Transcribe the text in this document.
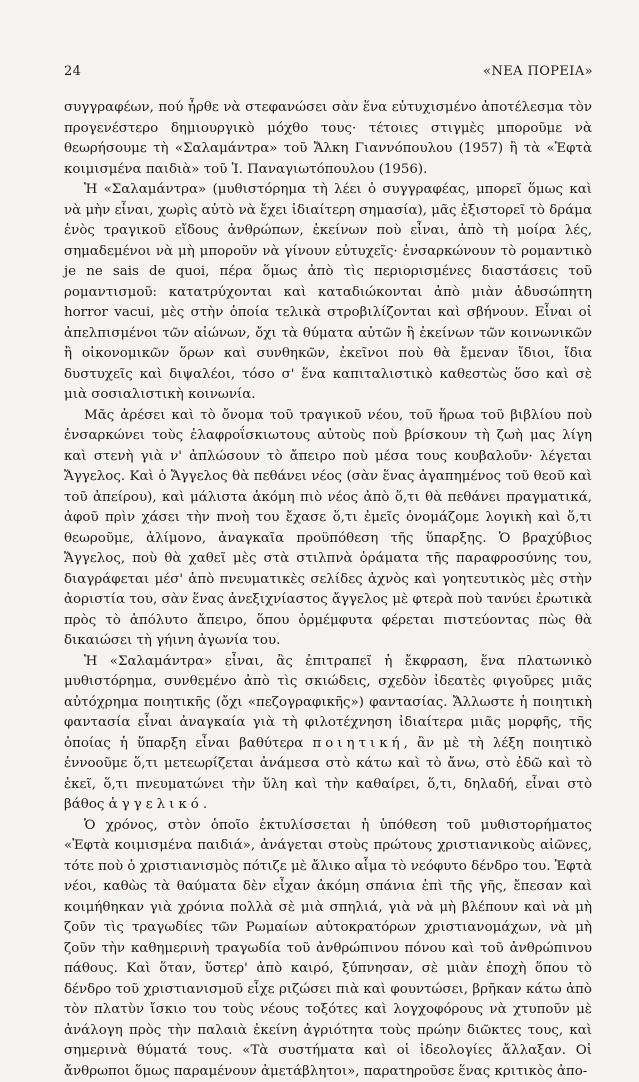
24	«ΝΕΑ ΠΟΡΕΙΑ»

συγγραφέων, πού ἦρθε νὰ στεφανώσει σὰν ἕνα εὐτυχισμένο ἀποτέλεσμα τὸν προγενέστερο δημιουργικὸ μόχθο τους· τέτοιες στιγμὲς μποροῦμε νὰ θεωρήσουμε τὴ «Σαλαμάντρα» τοῦ Ἄλκη Γιαννόπουλου (1957) ἢ τὰ «Ἐφτὰ κοιμισμένα παιδιὰ» τοῦ Ἰ. Παναγιωτόπουλου (1956).

Ἡ «Σαλαμάντρα» (μυθιστόρημα τὴ λέει ὁ συγγραφέας, μπορεῖ ὅμως καὶ νὰ μὴν εἶναι, χωρὶς αὐτὸ νὰ ἔχει ἰδιαίτερη σημασία), μᾶς ἐξιστορεῖ τὸ δράμα ἑνὸς τραγικοῦ εἴδους ἀνθρώπων, ἐκείνων ποὺ εἶναι, ἀπὸ τὴ μοίρα λές, σημαδεμένοι νὰ μὴ μποροῦν νὰ γίνουν εὐτυχεῖς· ἐνσαρκώνουν τὸ ρομαντικὸ je ne sais de quoi, πέρα ὅμως ἀπὸ τὶς περιορισμένες διαστάσεις τοῦ ρομαντισμοῦ: κατατρύχονται καὶ καταδιώκονται ἀπὸ μιὰν ἀδυσώπητη horror vacui, μὲς στὴν ὁποία τελικὰ στροβιλίζονται καὶ σβήνουν. Εἶναι οἱ ἀπελπισμένοι τῶν αἰώνων, ὄχι τὰ θύματα αὐτῶν ἢ ἐκείνων τῶν κοινωνικῶν ἢ οἰκονομικῶν ὅρων καὶ συνθηκῶν, ἐκεῖνοι ποὺ θὰ ἔμεναν ἴδιοι, ἴδια δυστυχεῖς καὶ διψαλέοι, τόσο σ' ἕνα καπιταλιστικὸ καθεστὼς ὅσο καὶ σὲ μιὰ σοσιαλιστικὴ κοινωνία.

Μᾶς ἀρέσει καὶ τὸ ὄνομα τοῦ τραγικοῦ νέου, τοῦ ἥρωα τοῦ βιβλίου ποὺ ἐνσαρκώνει τοὺς ἐλαφροΐσκιωτους αὐτοὺς ποὺ βρίσκουν τὴ ζωὴ μας λίγη καὶ στενὴ γιὰ ν' ἀπλώσουν τὸ ἄπειρο ποὺ μέσα τους κουβαλοῦν· λέγεται Ἄγγελος. Καὶ ὁ Ἄγγελος θὰ πεθάνει νέος (σὰν ἕνας ἀγαπημένος τοῦ θεοῦ καὶ τοῦ ἀπείρου), καὶ μάλιστα ἀκόμη πιὸ νέος ἀπὸ ὅ,τι θὰ πεθάνει πραγματικά, ἀφοῦ πρὶν χάσει τὴν πνοὴ του ἔχασε ὅ,τι ἐμεῖς ὀνομάζομε λογικὴ καὶ ὅ,τι θεωροῦμε, ἀλίμονο, ἀναγκαῖα προϋπόθεση τῆς ὕπαρξης. Ὁ βραχύβιος Ἄγγελος, ποὺ θὰ χαθεῖ μὲς στὰ στιλπνὰ ὁράματα τῆς παραφροσύνης του, διαγράφεται μέσ' ἀπὸ πνευματικὲς σελίδες ἀχνὸς καὶ γοητευτικὸς μὲς στὴν ἀοριστία του, σὰν ἕνας ἀνεξιχνίαστος ἄγγελος μὲ φτερὰ ποὺ τανύει ἐρωτικὰ πρὸς τὸ ἀπόλυτο ἄπειρο, ὅπου ὁρμέμφυτα φέρεται πιστεύοντας πὼς θὰ δικαιώσει τὴ γήινη ἀγωνία του.

Ἡ «Σαλαμάντρα» εἶναι, ἂς ἐπιτραπεῖ ἡ ἔκφραση, ἕνα πλατωνικὸ μυθιστόρημα, συνθεμένο ἀπὸ τὶς σκιώδεις, σχεδὸν ἰδεατὲς φιγοῦρες μιᾶς αὐτόχρημα ποιητικῆς (ὄχι «πεζογραφικῆς») φαντασίας. Ἄλλωστε ἡ ποιητικὴ φαντασία εἶναι ἀναγκαία γιὰ τὴ φιλοτέχνηση ἰδιαίτερα μιᾶς μορφῆς, τῆς ὁποίας ἡ ὕπαρξη εἶναι βαθύτερα ποιητική, ἂν μὲ τὴ λέξη ποιητικὸ ἐννοοῦμε ὅ,τι μετεωρίζεται ἀνάμεσα στὸ κάτω καὶ τὸ ἄνω, στὸ ἐδῶ καὶ τὸ ἐκεῖ, ὅ,τι πνευματώνει τὴν ὕλη καὶ τὴν καθαίρει, ὅ,τι, δηλαδή, εἶναι στὸ βάθος ἀγγελικό.

Ὁ χρόνος, στὸν ὁποῖο ἐκτυλίσσεται ἡ ὑπόθεση τοῦ μυθιστορήματος «Ἐφτὰ κοιμισμένα παιδιά», ἀνάγεται στοὺς πρώτους χριστιανικοὺς αἰῶνες, τότε ποὺ ὁ χριστιανισμὸς πότιζε μὲ ἄλικο αἷμα τὸ νεόφυτο δένδρο του. Ἐφτὰ νέοι, καθὼς τὰ θαύματα δὲν εἶχαν ἀκόμη σπάνια ἐπὶ τῆς γῆς, ἔπεσαν καὶ κοιμήθηκαν γιὰ χρόνια πολλὰ σὲ μιὰ σπηλιά, γιὰ νὰ μὴ βλέπουν καὶ νὰ μὴ ζοῦν τὶς τραγωδίες τῶν Ρωμαίων αὐτοκρατόρων χριστιανομάχων, νὰ μὴ ζοῦν τὴν καθημερινὴ τραγωδία τοῦ ἀνθρώπινου πόνου καὶ τοῦ ἀνθρώπινου πάθους. Καὶ ὅταν, ὕστερ' ἀπὸ καιρό, ξύπνησαν, σὲ μιὰν ἐποχὴ ὅπου τὸ δένδρο τοῦ χριστιανισμοῦ εἶχε ριζώσει πιὰ καὶ φουντώσει, βρῆκαν κάτω ἀπὸ τὸν πλατὺν ἴσκιο του τοὺς νέους τοξότες καὶ λογχοφόρους νὰ χτυποῦν μὲ ἀνάλογη πρὸς τὴν παλαιὰ ἐκείνη ἀγριότητα τοὺς πρώην διῶκτες τους, καὶ σημερινὰ θύματά τους. «Τὰ συστήματα καὶ οἱ ἰδεολογίες ἄλλαξαν. Οἱ ἄνθρωποι ὅμως παραμένουν ἀμετάβλητοι», παρατηροῦσε ἕνας κριτικὸς ἀπο-
